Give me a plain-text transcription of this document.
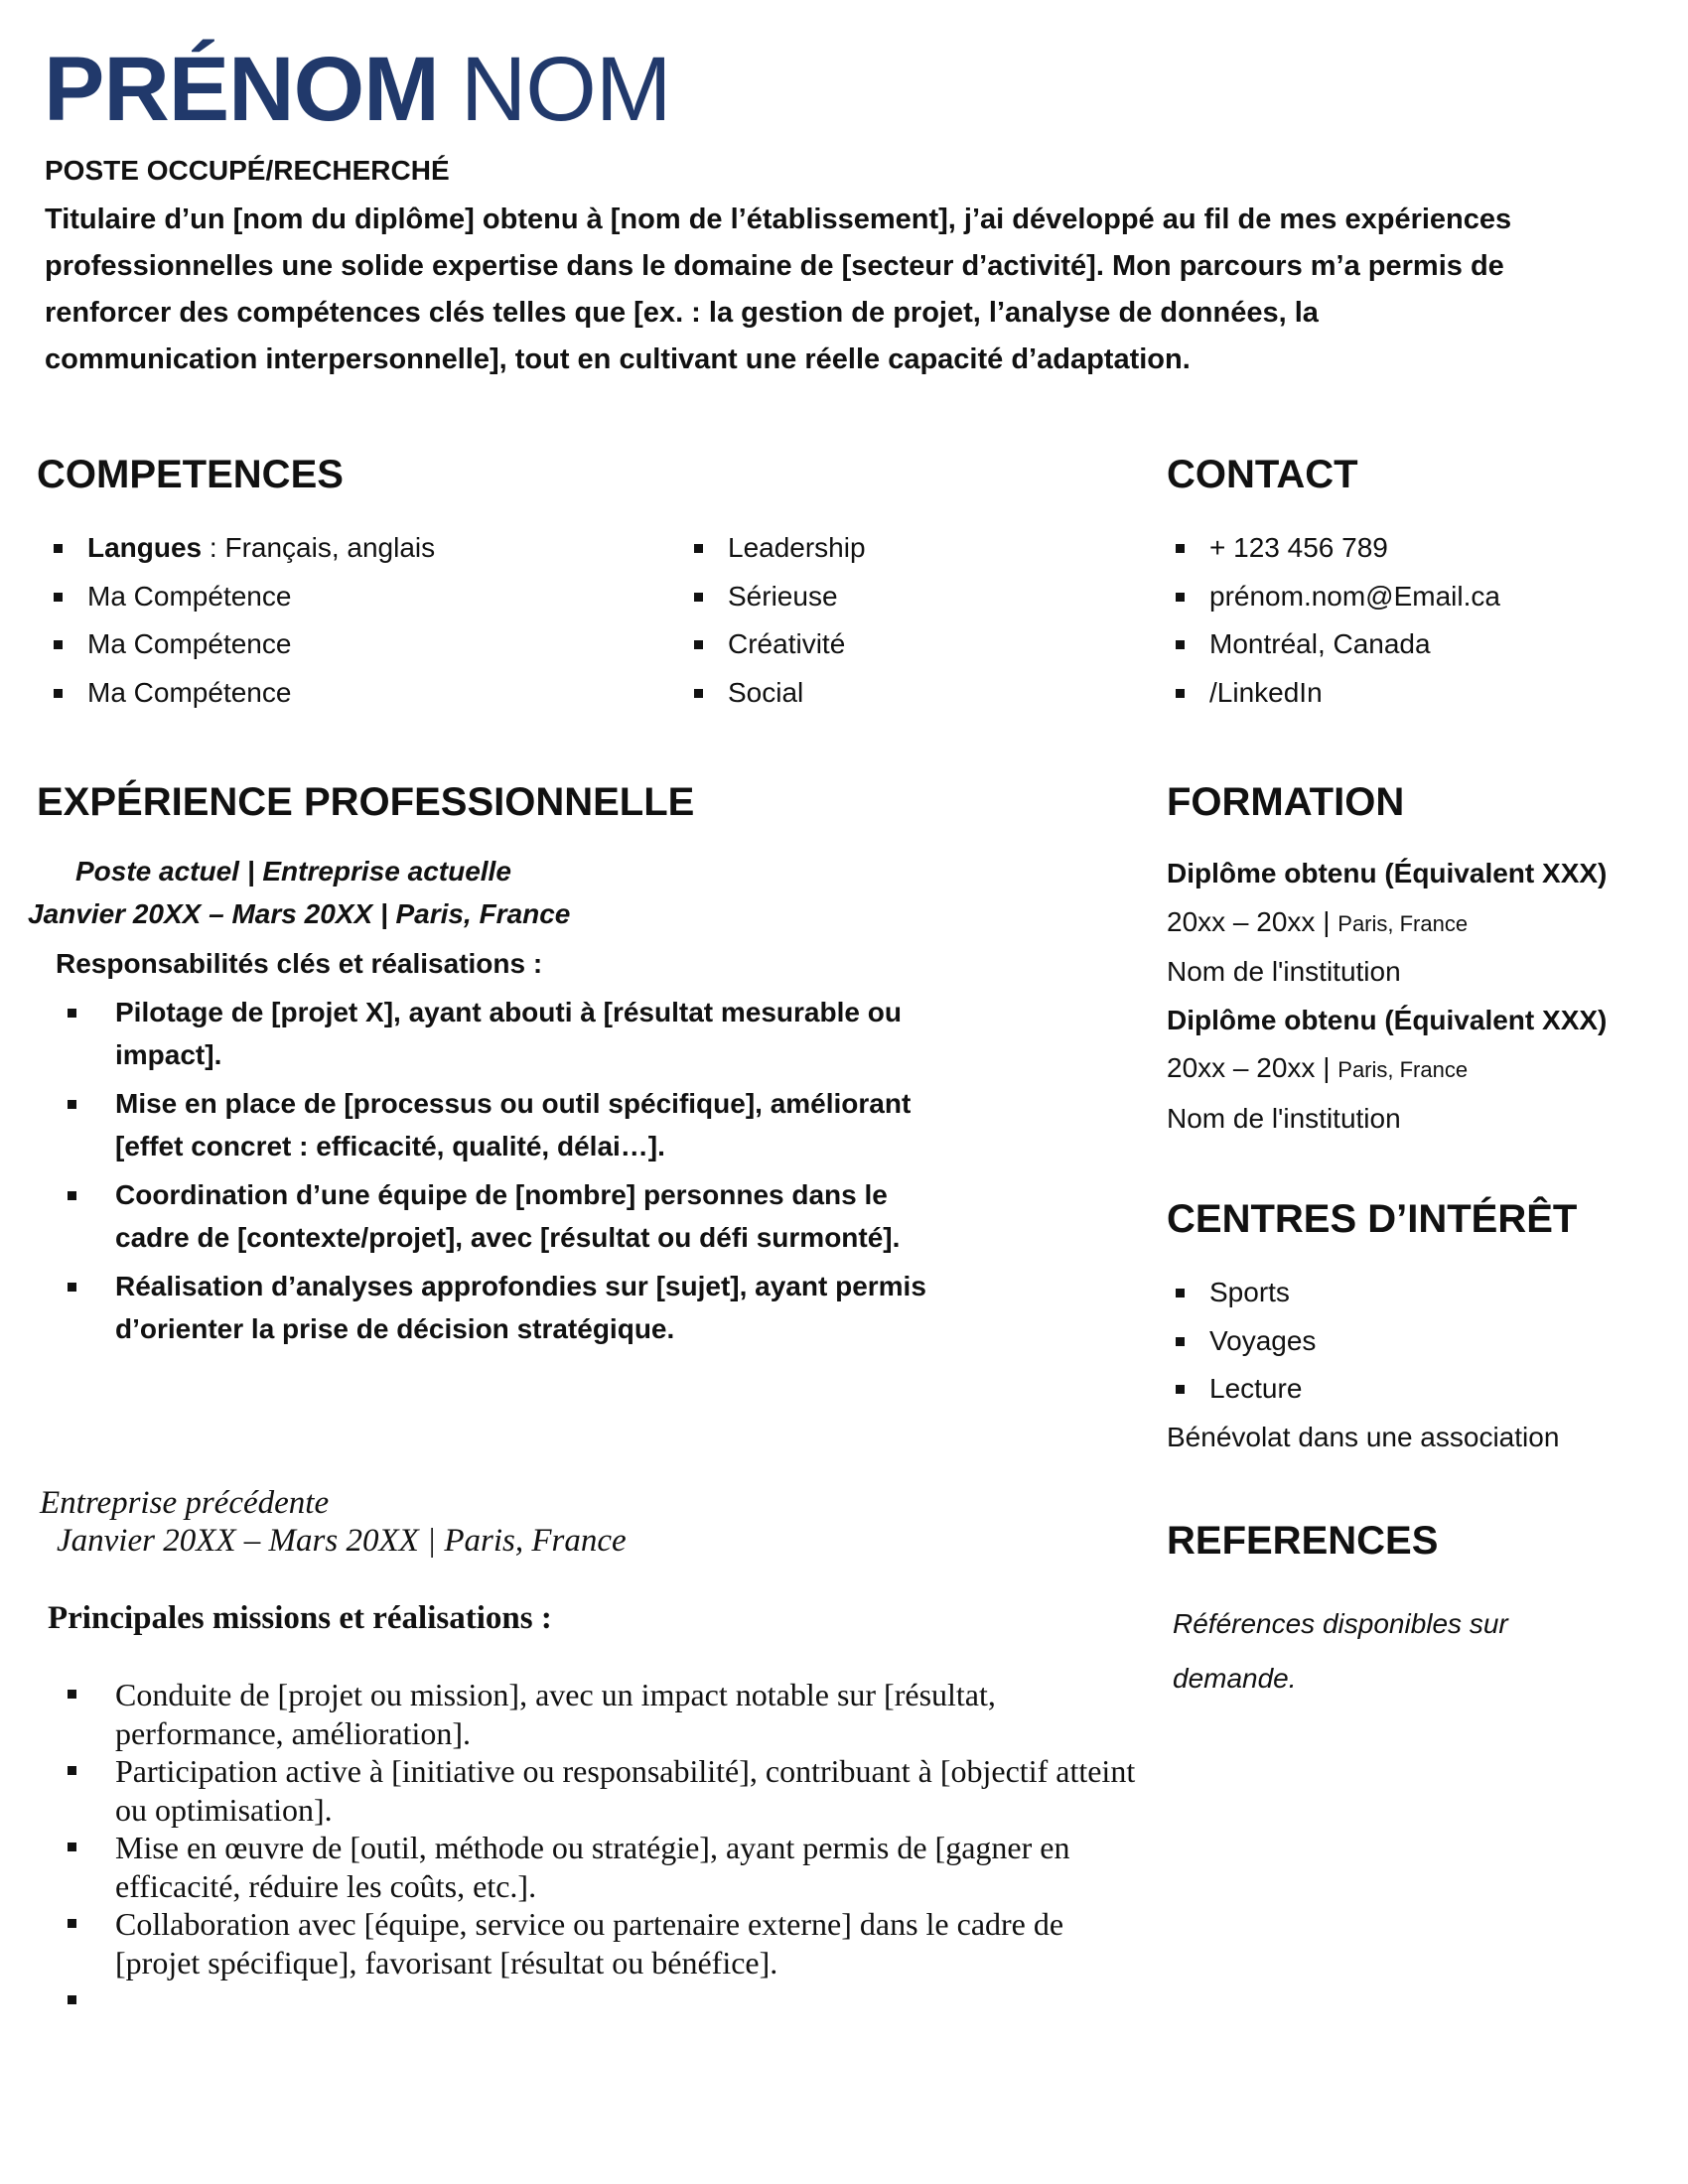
PRÉNOM NOM
POSTE OCCUPÉ/RECHERCHÉ
Titulaire d’un [nom du diplôme] obtenu à [nom de l’établissement], j’ai développé au fil de mes expériences professionnelles une solide expertise dans le domaine de [secteur d’activité]. Mon parcours m’a permis de renforcer des compétences clés telles que [ex. : la gestion de projet, l’analyse de données, la communication interpersonnelle], tout en cultivant une réelle capacité d’adaptation.
COMPETENCES
Langues : Français, anglais
Ma Compétence
Ma Compétence
Ma Compétence
Leadership
Sérieuse
Créativité
Social
CONTACT
+ 123 456 789
prénom.nom@Email.ca
Montréal, Canada
/LinkedIn
EXPÉRIENCE PROFESSIONNELLE
Poste actuel | Entreprise actuelle
Janvier 20XX – Mars 20XX | Paris, France
Responsabilités clés et réalisations :
Pilotage de [projet X], ayant abouti à [résultat mesurable ou impact].
Mise en place de [processus ou outil spécifique], améliorant [effet concret : efficacité, qualité, délai…].
Coordination d’une équipe de [nombre] personnes dans le cadre de [contexte/projet], avec [résultat ou défi surmonté].
Réalisation d’analyses approfondies sur [sujet], ayant permis d’orienter la prise de décision stratégique.
Entreprise précédente
Janvier 20XX – Mars 20XX | Paris, France
Principales missions et réalisations :
Conduite de [projet ou mission], avec un impact notable sur [résultat, performance, amélioration].
Participation active à [initiative ou responsabilité], contribuant à [objectif atteint ou optimisation].
Mise en œuvre de [outil, méthode ou stratégie], ayant permis de [gagner en efficacité, réduire les coûts, etc.].
Collaboration avec [équipe, service ou partenaire externe] dans le cadre de [projet spécifique], favorisant [résultat ou bénéfice].
FORMATION
Diplôme obtenu (Équivalent XXX)
20xx – 20xx | Paris, France
Nom de l'institution
Diplôme obtenu (Équivalent XXX)
20xx – 20xx | Paris, France
Nom de l'institution
CENTRES D’INTÉRÊT
Sports
Voyages
Lecture
Bénévolat dans une association
REFERENCES
Références disponibles sur demande.
